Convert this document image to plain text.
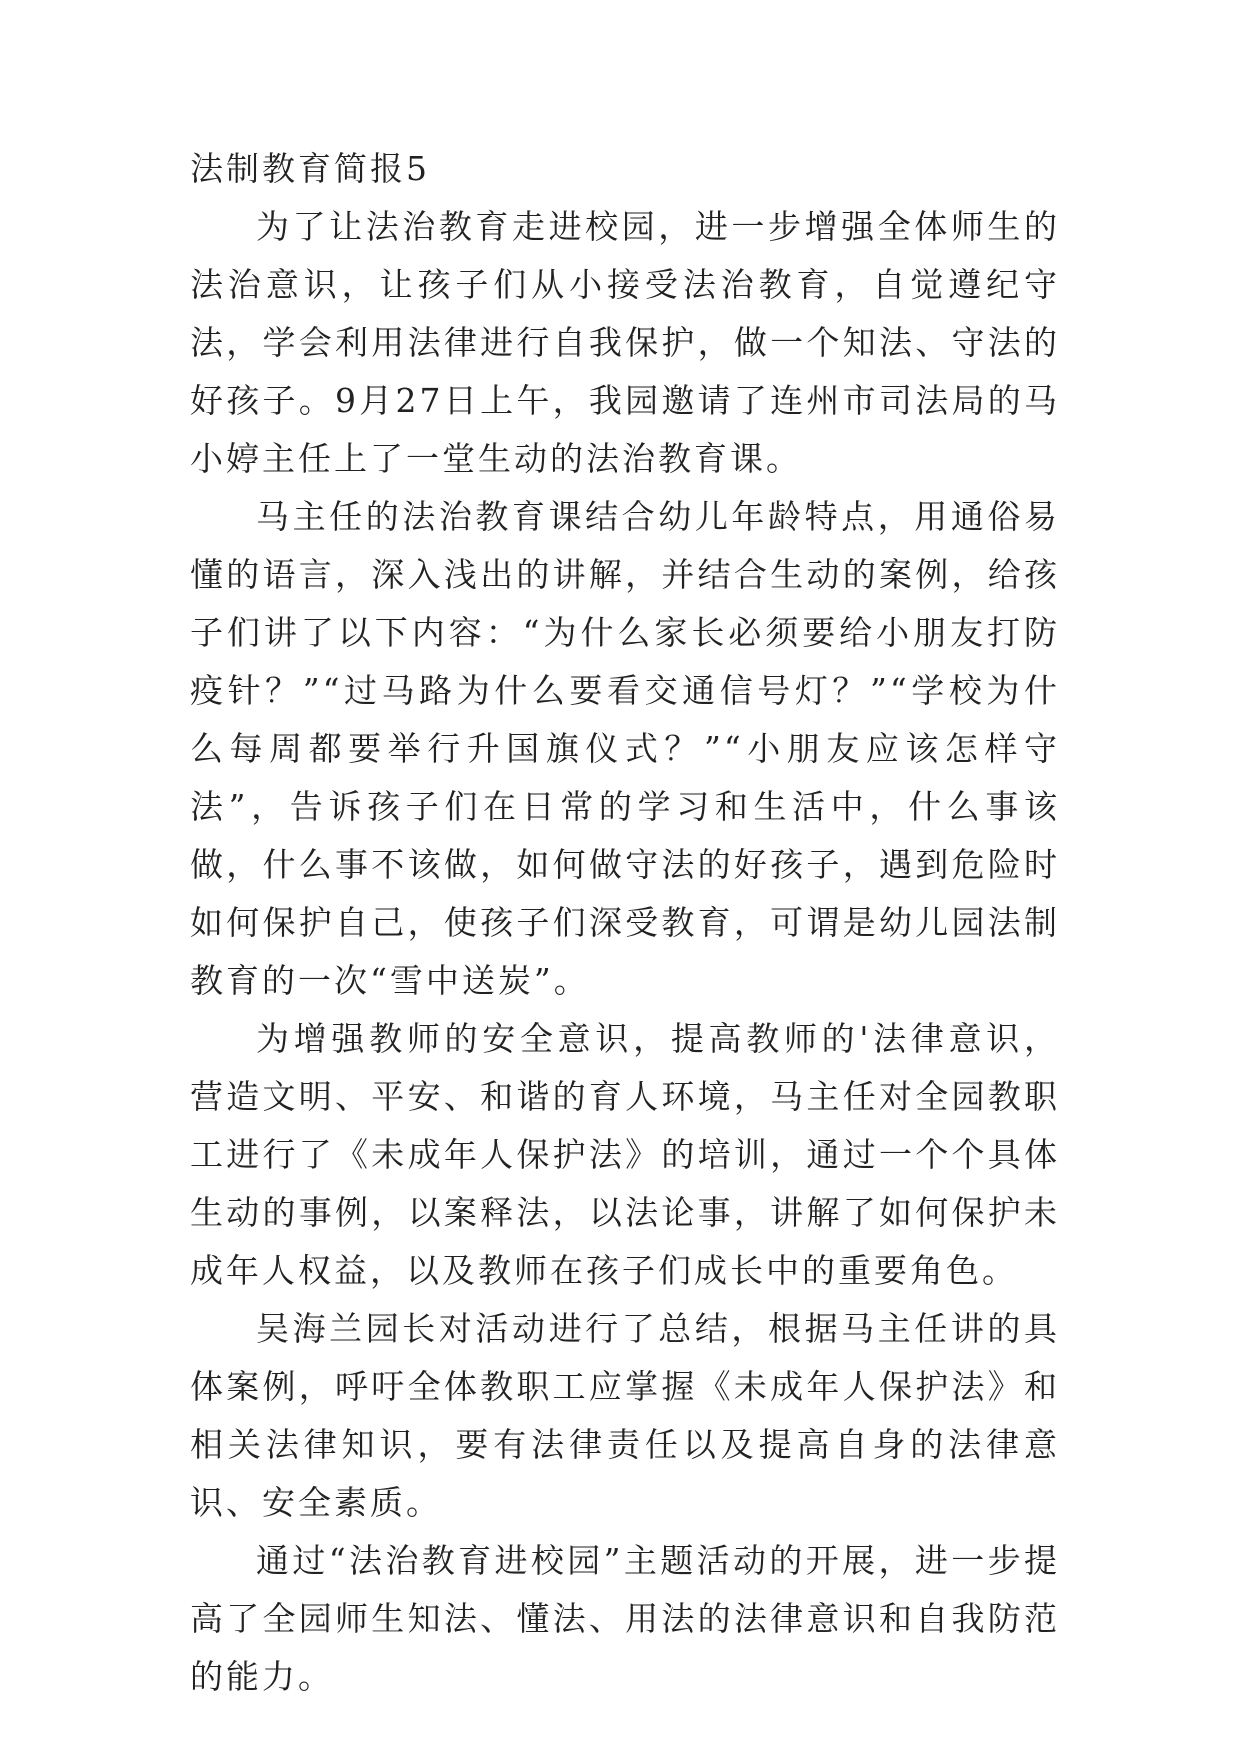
法制教育简报5

为了让法治教育走进校园，进一步增强全体师生的法治意识，让孩子们从小接受法治教育，自觉遵纪守法，学会利用法律进行自我保护，做一个知法、守法的好孩子。9月27日上午，我园邀请了连州市司法局的马小婷主任上了一堂生动的法治教育课。

马主任的法治教育课结合幼儿年龄特点，用通俗易懂的语言，深入浅出的讲解，并结合生动的案例，给孩子们讲了以下内容：“为什么家长必须要给小朋友打防疫针？”“过马路为什么要看交通信号灯？”“学校为什么每周都要举行升国旗仪式？”“小朋友应该怎样守法”，告诉孩子们在日常的学习和生活中，什么事该做，什么事不该做，如何做守法的好孩子，遇到危险时如何保护自己，使孩子们深受教育，可谓是幼儿园法制教育的一次“雪中送炭”。

为增强教师的安全意识，提高教师的'法律意识，营造文明、平安、和谐的育人环境，马主任对全园教职工进行了《未成年人保护法》的培训，通过一个个具体生动的事例，以案释法，以法论事，讲解了如何保护未成年人权益，以及教师在孩子们成长中的重要角色。

吴海兰园长对活动进行了总结，根据马主任讲的具体案例，呼吁全体教职工应掌握《未成年人保护法》和相关法律知识，要有法律责任以及提高自身的法律意识、安全素质。

通过“法治教育进校园”主题活动的开展，进一步提高了全园师生知法、懂法、用法的法律意识和自我防范的能力。
